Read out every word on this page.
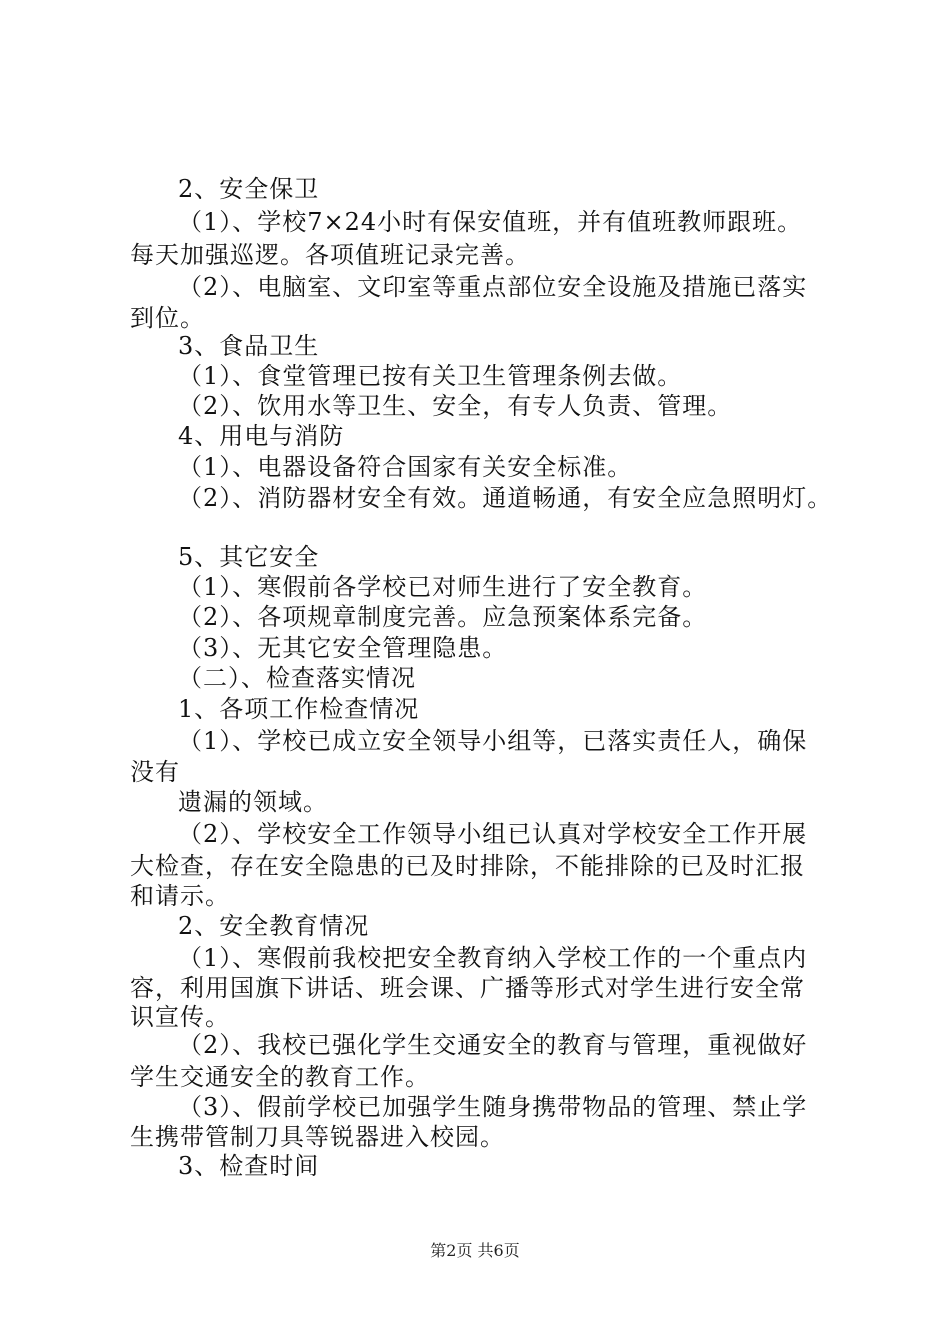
2、安全保卫
（1）、学校7×24小时有保安值班，并有值班教师跟班。
每天加强巡逻。各项值班记录完善。
（2）、电脑室、文印室等重点部位安全设施及措施已落实
到位。
3、食品卫生
（1）、食堂管理已按有关卫生管理条例去做。
（2）、饮用水等卫生、安全，有专人负责、管理。
4、用电与消防
（1）、电器设备符合国家有关安全标准。
（2）、消防器材安全有效。通道畅通，有安全应急照明灯。
5、其它安全
（1）、寒假前各学校已对师生进行了安全教育。
（2）、各项规章制度完善。应急预案体系完备。
（3）、无其它安全管理隐患。
（二）、检查落实情况
1、各项工作检查情况
（1）、学校已成立安全领导小组等，已落实责任人，确保
没有
遗漏的领域。
（2）、学校安全工作领导小组已认真对学校安全工作开展
大检查，存在安全隐患的已及时排除，不能排除的已及时汇报
和请示。
2、安全教育情况
（1）、寒假前我校把安全教育纳入学校工作的一个重点内
容，利用国旗下讲话、班会课、广播等形式对学生进行安全常
识宣传。
（2）、我校已强化学生交通安全的教育与管理，重视做好
学生交通安全的教育工作。
（3）、假前学校已加强学生随身携带物品的管理、禁止学
生携带管制刀具等锐器进入校园。
3、检查时间
第2页 共6页
